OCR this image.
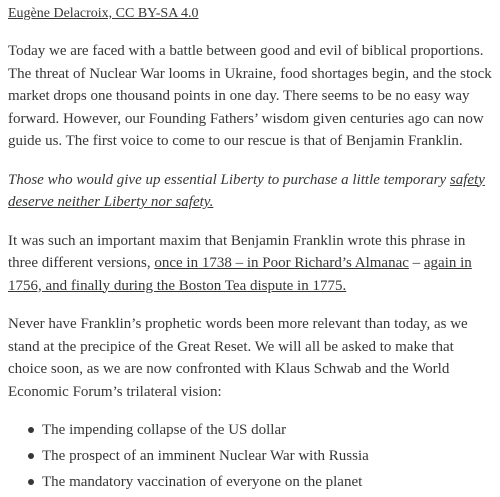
Eugène Delacroix, CC BY-SA 4.0

Today we are faced with a battle between good and evil of biblical proportions. The threat of Nuclear War looms in Ukraine, food shortages begin, and the stock market drops one thousand points in one day. There seems to be no easy way forward. However, our Founding Fathers’ wisdom given centuries ago can now guide us. The first voice to come to our rescue is that of Benjamin Franklin.

Those who would give up essential Liberty to purchase a little temporary safety deserve neither Liberty nor safety.

It was such an important maxim that Benjamin Franklin wrote this phrase in three different versions, once in 1738 – in Poor Richard’s Almanac – again in 1756, and finally during the Boston Tea dispute in 1775.

Never have Franklin’s prophetic words been more relevant than today, as we stand at the precipice of the Great Reset. We will all be asked to make that choice soon, as we are now confronted with Klaus Schwab and the World Economic Forum’s trilateral vision:

The impending collapse of the US dollar
The prospect of an imminent Nuclear War with Russia
The mandatory vaccination of everyone on the planet
